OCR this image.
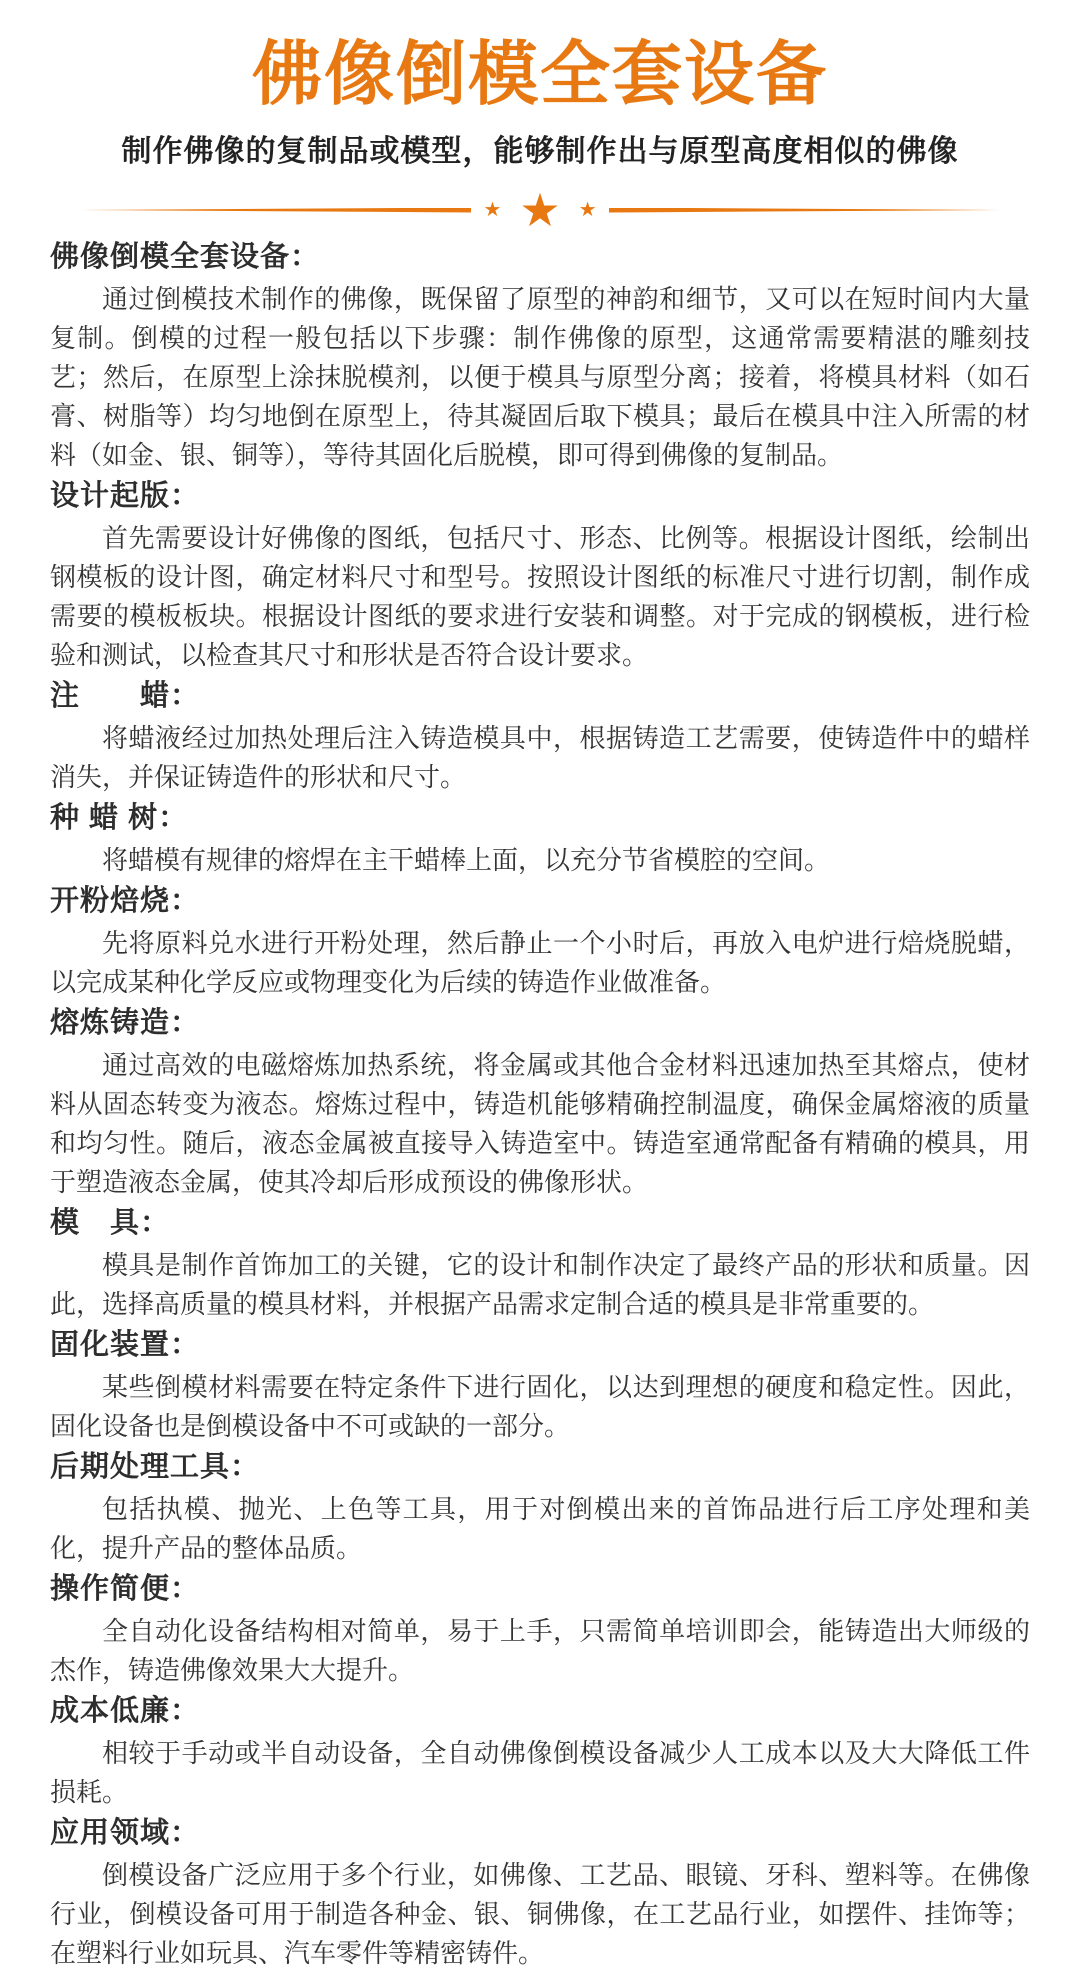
佛像倒模全套设备
制作佛像的复制品或模型，能够制作出与原型高度相似的佛像
★ ★ ★
佛像倒模全套设备：

通过倒模技术制作的佛像，既保留了原型的神韵和细节，又可以在短时间内大量复制。倒模的过程一般包括以下步骤：制作佛像的原型，这通常需要精湛的雕刻技艺；然后，在原型上涂抹脱模剂，以便于模具与原型分离；接着，将模具材料（如石膏、树脂等）均匀地倒在原型上，待其凝固后取下模具；最后在模具中注入所需的材料（如金、银、铜等），等待其固化后脱模，即可得到佛像的复制品。

设计起版：

首先需要设计好佛像的图纸，包括尺寸、形态、比例等。根据设计图纸，绘制出钢模板的设计图，确定材料尺寸和型号。按照设计图纸的标准尺寸进行切割，制作成需要的模板板块。根据设计图纸的要求进行安装和调整。对于完成的钢模板，进行检验和测试，以检查其尺寸和形状是否符合设计要求。

注　　蜡：

将蜡液经过加热处理后注入铸造模具中，根据铸造工艺需要，使铸造件中的蜡样消失，并保证铸造件的形状和尺寸。

种 蜡 树：

将蜡模有规律的熔焊在主干蜡棒上面，以充分节省模腔的空间。

开粉焙烧：

先将原料兑水进行开粉处理，然后静止一个小时后，再放入电炉进行焙烧脱蜡，以完成某种化学反应或物理变化为后续的铸造作业做准备。

熔炼铸造：

通过高效的电磁熔炼加热系统，将金属或其他合金材料迅速加热至其熔点，使材料从固态转变为液态。熔炼过程中，铸造机能够精确控制温度，确保金属熔液的质量和均匀性。随后，液态金属被直接导入铸造室中。铸造室通常配备有精确的模具，用于塑造液态金属，使其冷却后形成预设的佛像形状。

模　具：

模具是制作首饰加工的关键，它的设计和制作决定了最终产品的形状和质量。因此，选择高质量的模具材料，并根据产品需求定制合适的模具是非常重要的。

固化装置：

某些倒模材料需要在特定条件下进行固化，以达到理想的硬度和稳定性。因此，固化设备也是倒模设备中不可或缺的一部分。

后期处理工具：

包括执模、抛光、上色等工具，用于对倒模出来的首饰品进行后工序处理和美化，提升产品的整体品质。

操作简便：

全自动化设备结构相对简单，易于上手，只需简单培训即会，能铸造出大师级的杰作，铸造佛像效果大大提升。

成本低廉：

相较于手动或半自动设备，全自动佛像倒模设备减少人工成本以及大大降低工件损耗。

应用领域：

倒模设备广泛应用于多个行业，如佛像、工艺品、眼镜、牙科、塑料等。在佛像行业，倒模设备可用于制造各种金、银、铜佛像，在工艺品行业，如摆件、挂饰等；在塑料行业如玩具、汽车零件等精密铸件。
